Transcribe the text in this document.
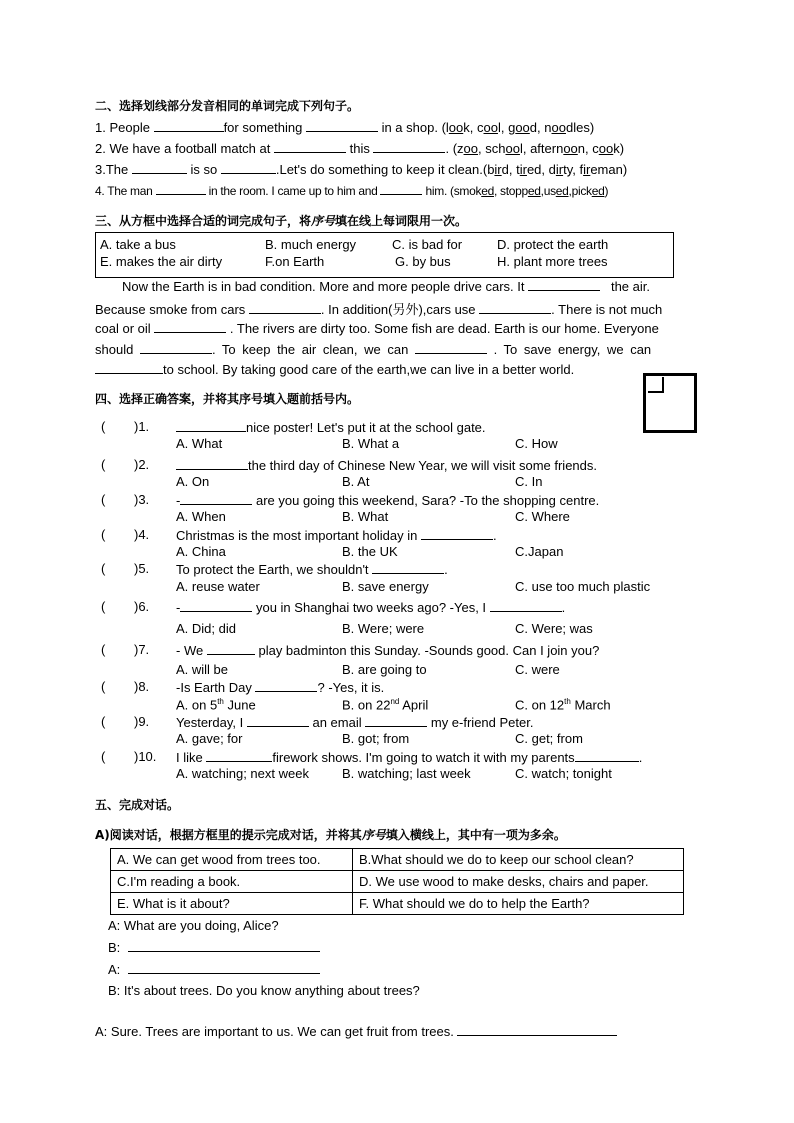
二、选择划线部分发音相同的单词完成下列句子。
1. People	for something	in a shop. (look, cool, good, noodles)
2. We have a football match at	this	. (zoo, school, afternoon, cook)
3.The	is so	.Let's do something to keep it clean.(bird, tired, dirty, fireman)
4. The man	in the room. I came up to him and	him. (smoked, stopped,used,picked)
三、从方框中选择合适的词完成句子，将序号填在线上每词限用一次。
A. take a bus	B. much energy	C. is bad for	D. protect the earth
E. makes the air dirty	F.on Earth	G. by bus	H. plant more trees
Now the Earth is in bad condition. More and more people drive cars. It	the air.
Because smoke from cars	. In addition(另外),cars use	. There is not much
coal or oil	. The rivers are dirty too. Some fish are dead. Earth is our home. Everyone
should	. To keep the air clean, we can	. To save energy, we can
to school. By taking good care of the earth,we can live in a better world.
四、选择正确答案，并将其序号填入题前括号内。
( )1.	nice poster! Let's put it at the school gate.
A. What	B. What a	C. How
( )2.	the third day of Chinese New Year, we will visit some friends.
A. On	B. At	C. In
( )3. -	are you going this weekend, Sara? -To the shopping centre.
A. When	B. What	C. Where
( )4. Christmas is the most important holiday in	.
A. China	B. the UK	C.Japan
( )5. To protect the Earth, we shouldn't	.
A. reuse water	B. save energy	C. use too much plastic
( )6. -	you in Shanghai two weeks ago? -Yes, I	.
A. Did; did	B. Were; were	C. Were; was
( )7. - We	play badminton this Sunday. -Sounds good. Can I join you?
A. will be	B. are going to	C. were
( )8. -Is Earth Day	? -Yes, it is.
A. on 5th June	B. on 22nd April	C. on 12th March
( )9. Yesterday, I	an email	my e-friend Peter.
A. gave; for	B. got; from	C. get; from
( )10. I like	firework shows. I'm going to watch it with my parents	.
A. watching; next week	B. watching; last week	C. watch; tonight
五、完成对话。
A)阅读对话，根据方框里的提示完成对话，并将其序号填入横线上，其中有一项为多余。
A. We can get wood from trees too.	B.What should we do to keep our school clean?
C.I'm reading a book.	D. We use wood to make desks, chairs and paper.
E. What is it about?	F. What should we do to help the Earth?
A: What are you doing, Alice?
B:
A:
B: It's about trees. Do you know anything about trees?
A: Sure. Trees are important to us. We can get fruit from trees.
